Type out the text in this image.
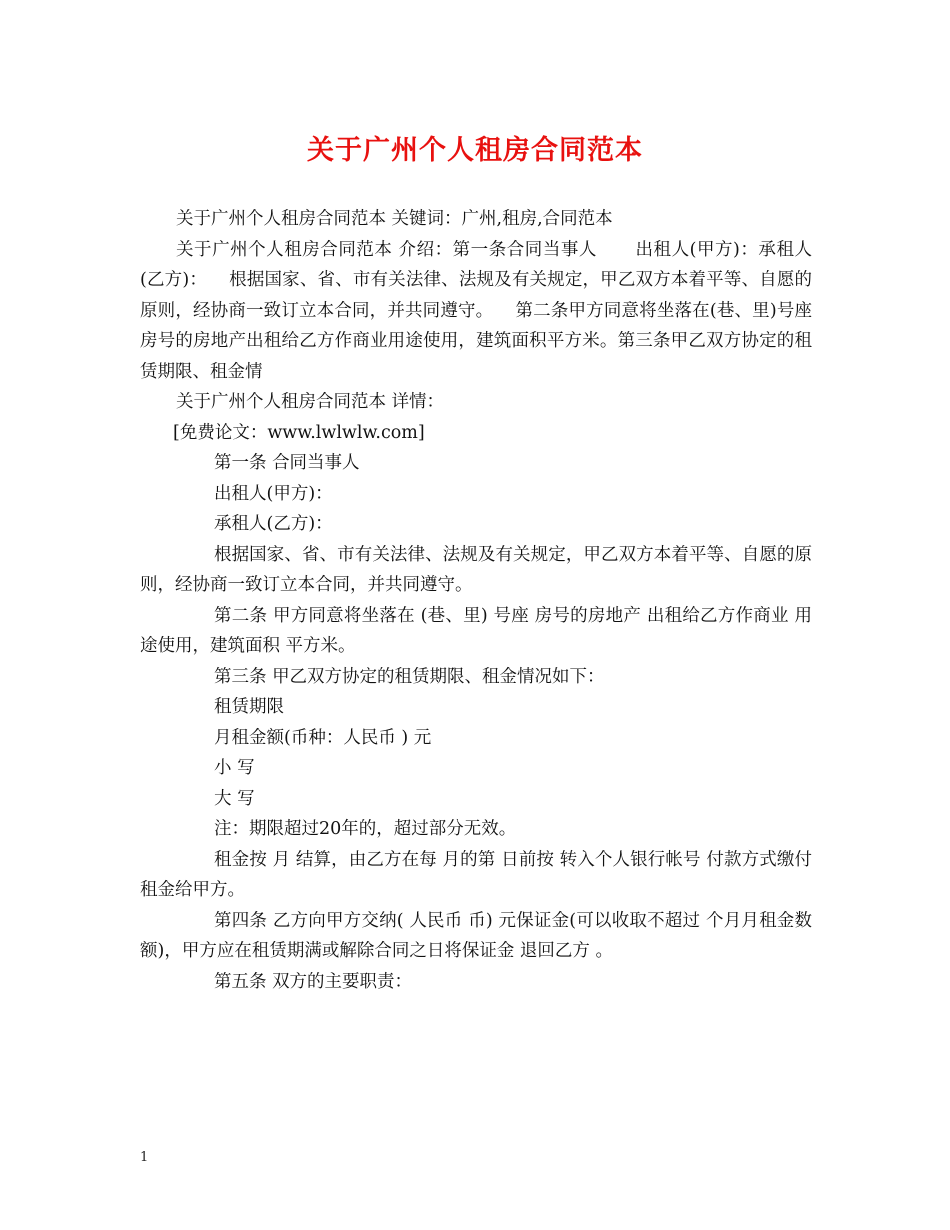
关于广州个人租房合同范本

关于广州个人租房合同范本 关键词：广州,租房,合同范本

关于广州个人租房合同范本 介绍：第一条合同当事人 出租人(甲方)：承租人(乙方)： 根据国家、省、市有关法律、法规及有关规定，甲乙双方本着平等、自愿的原则，经协商一致订立本合同，并共同遵守。 第二条甲方同意将坐落在(巷、里)号座房号的房地产出租给乙方作商业用途使用，建筑面积平方米。第三条甲乙双方协定的租赁期限、租金情

关于广州个人租房合同范本 详情：

[免费论文：www.lwlwlw.com]

第一条 合同当事人

出租人(甲方)：

承租人(乙方)：

根据国家、省、市有关法律、法规及有关规定，甲乙双方本着平等、自愿的原则，经协商一致订立本合同，并共同遵守。

第二条 甲方同意将坐落在 (巷、里) 号座 房号的房地产 出租给乙方作商业 用途使用，建筑面积 平方米。

第三条 甲乙双方协定的租赁期限、租金情况如下：

租赁期限

月租金额(币种：人民币 ) 元

小 写

大 写

注：期限超过20年的，超过部分无效。

租金按 月 结算，由乙方在每 月的第 日前按 转入个人银行帐号 付款方式缴付租金给甲方。

第四条 乙方向甲方交纳( 人民币 币) 元保证金(可以收取不超过 个月月租金数额)，甲方应在租赁期满或解除合同之日将保证金 退回乙方 。

第五条 双方的主要职责：

1
